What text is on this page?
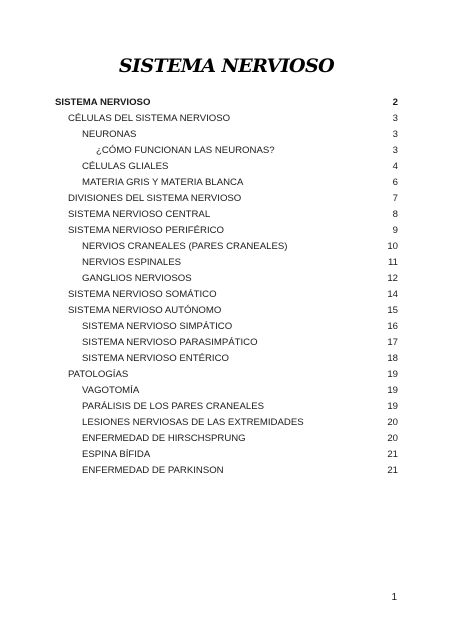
SISTEMA NERVIOSO
SISTEMA NERVIOSO	2
CÉLULAS DEL SISTEMA NERVIOSO	3
NEURONAS	3
¿CÓMO FUNCIONAN LAS NEURONAS?	3
CÉLULAS GLIALES	4
MATERIA GRIS Y MATERIA BLANCA	6
DIVISIONES DEL SISTEMA NERVIOSO	7
SISTEMA NERVIOSO CENTRAL	8
SISTEMA NERVIOSO PERIFÉRICO	9
NERVIOS CRANEALES (PARES CRANEALES)	10
NERVIOS ESPINALES	11
GANGLIOS NERVIOSOS	12
SISTEMA NERVIOSO SOMÁTICO	14
SISTEMA NERVIOSO AUTÓNOMO	15
SISTEMA NERVIOSO SIMPÁTICO	16
SISTEMA NERVIOSO PARASIMPÁTICO	17
SISTEMA NERVIOSO ENTÉRICO	18
PATOLOGÍAS	19
VAGOTOMÍA	19
PARÁLISIS DE LOS PARES CRANEALES	19
LESIONES NERVIOSAS DE LAS EXTREMIDADES	20
ENFERMEDAD DE HIRSCHSPRUNG	20
ESPINA BÍFIDA	21
ENFERMEDAD DE PARKINSON	21
1
